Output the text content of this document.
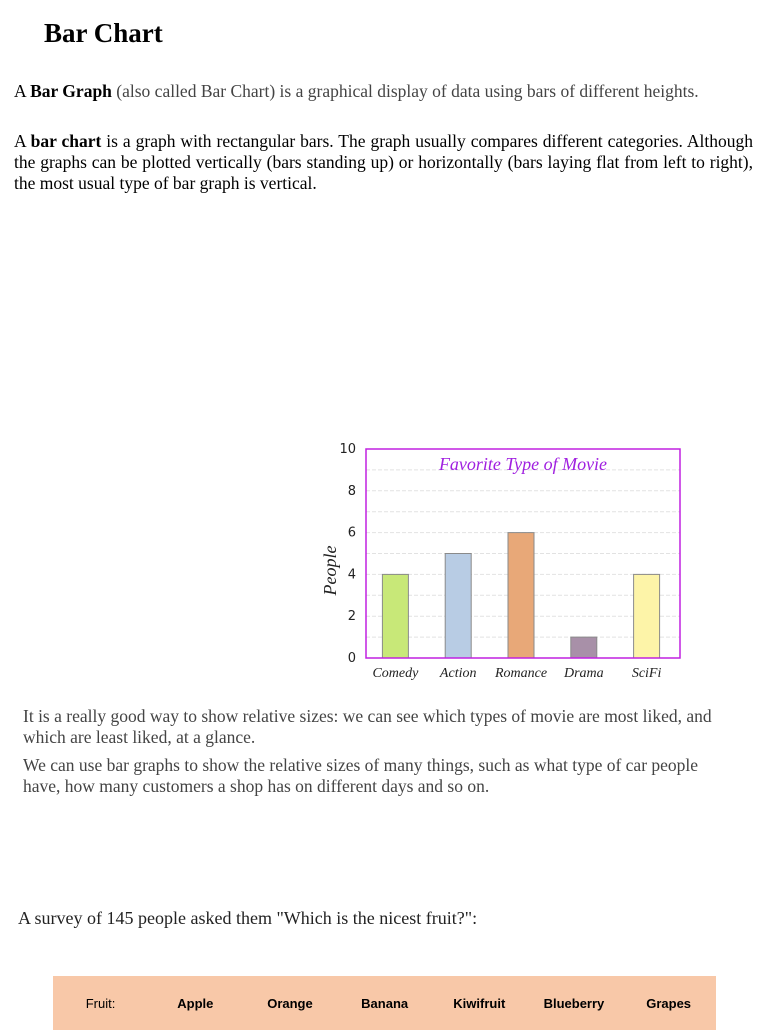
Bar Chart

A Bar Graph (also called Bar Chart) is a graphical display of data using bars of different heights.

A bar chart is a graph with rectangular bars. The graph usually compares different categories. Although the graphs can be plotted vertically (bars standing up) or horizontally (bars laying flat from left to right), the most usual type of bar graph is vertical.

Comedy Action Romance Drama SciFi
0
2
4
6
8
10
Favorite Type of Movie
People

It is a really good way to show relative sizes: we can see which types of movie are most liked, and which are least liked, at a glance.

We can use bar graphs to show the relative sizes of many things, such as what type of car people have, how many customers a shop has on different days and so on.

A survey of 145 people asked them "Which is the nicest fruit?":

Fruit:	Apple	Orange	Banana	Kiwifruit	Blueberry	Grapes
